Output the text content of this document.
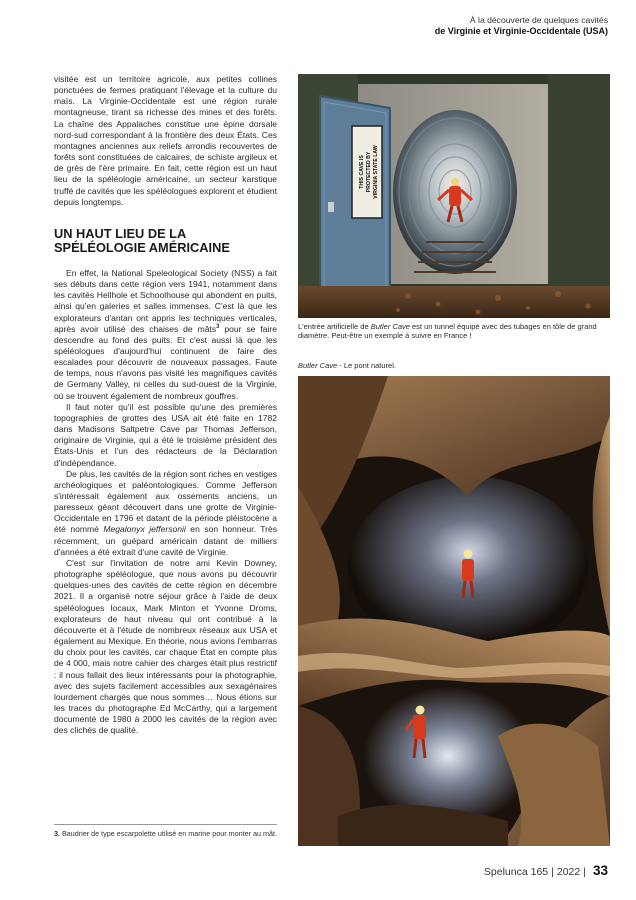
À la découverte de quelques cavités
de Virginie et Virginie-Occidentale (USA)

visitée est un territoire agricole, aux petites collines ponctuées de fermes pratiquant l'élevage et la culture du maïs. La Virginie-Occidentale est une région rurale montagneuse, tirant sa richesse des mines et des forêts. La chaîne des Appalaches constitue une épine dorsale nord-sud correspondant à la frontière des deux États. Ces montagnes anciennes aux reliefs arrondis recouvertes de forêts sont constituées de calcaires, de schiste argileux et de grès de l'ère primaire. En fait, cette région est un haut lieu de la spéléologie américaine, un secteur karstique truffé de cavités que les spéléologues explorent et étudient depuis longtemps.

UN HAUT LIEU DE LA SPÉLÉOLOGIE AMÉRICAINE

En effet, la National Speleological Society (NSS) a fait ses débuts dans cette région vers 1941, notamment dans les cavités Hellhole et Schoolhouse qui abondent en puits, ainsi qu'en galeries et salles immenses. C'est là que les explorateurs d'antan ont appris les techniques verticales, après avoir utilisé des chaises de mâts$^3$ pour se faire descendre au fond des puits. Et c'est aussi là que les spéléologues d'aujourd'hui continuent de faire des escalades pour découvrir de nouveaux passages. Faute de temps, nous n'avons pas visité les magnifiques cavités de Germany Valley, ni celles du sud-ouest de la Virginie, où se trouvent également de nombreux gouffres.

Il faut noter qu'il est possible qu'une des premières topographies de grottes des USA ait été faite en 1782 dans Madisons Saltpetre Cave par Thomas Jefferson, originaire de Virginie, qui a été le troisième président des États-Unis et l'un des rédacteurs de la Déclaration d'indépendance.

De plus, les cavités de la région sont riches en vestiges archéologiques et paléontologiques. Comme Jefferson s'intéressait également aux ossements anciens, un paresseux géant découvert dans une grotte de Virginie-Occidentale en 1796 et datant de la période pléistocène a été nommé Megalonyx jeffersonii en son honneur. Très récemment, un guépard américain datant de milliers d'années a été extrait d'une cavité de Virginie.

C'est sur l'invitation de notre ami Kevin Downey, photographe spéléologue, que nous avons pu découvrir quelques-unes des cavités de cette région en décembre 2021. Il a organisé notre séjour grâce à l'aide de deux spéléologues locaux, Mark Minton et Yvonne Droms, explorateurs de haut niveau qui ont contribué à la découverte et à l'étude de nombreux réseaux aux USA et également au Mexique. En théorie, nous avions l'embarras du choix pour les cavités, car chaque État en compte plus de 4 000, mais notre cahier des charges était plus restrictif : il nous fallait des lieux intéressants pour la photographie, avec des sujets facilement accessibles aux sexagénaires lourdement chargés que nous sommes… Nous étions sur les traces du photographe Ed McCarthy, qui a largement documenté de 1980 à 2000 les cavités de la région avec des clichés de qualité.

3. Baudrier de type escarpolette utilisé en marine pour monter au mât.
THIS CAVE IS PROTECTED BY VIRGINIA STATE LAW
L'entrée artificielle de Butler Cave est un tunnel équipé avec des tubages en tôle de grand diamètre. Peut-être un exemple à suivre en France !
Butler Cave - Le pont naturel.
Spelunca 165 | 2022 | 33
